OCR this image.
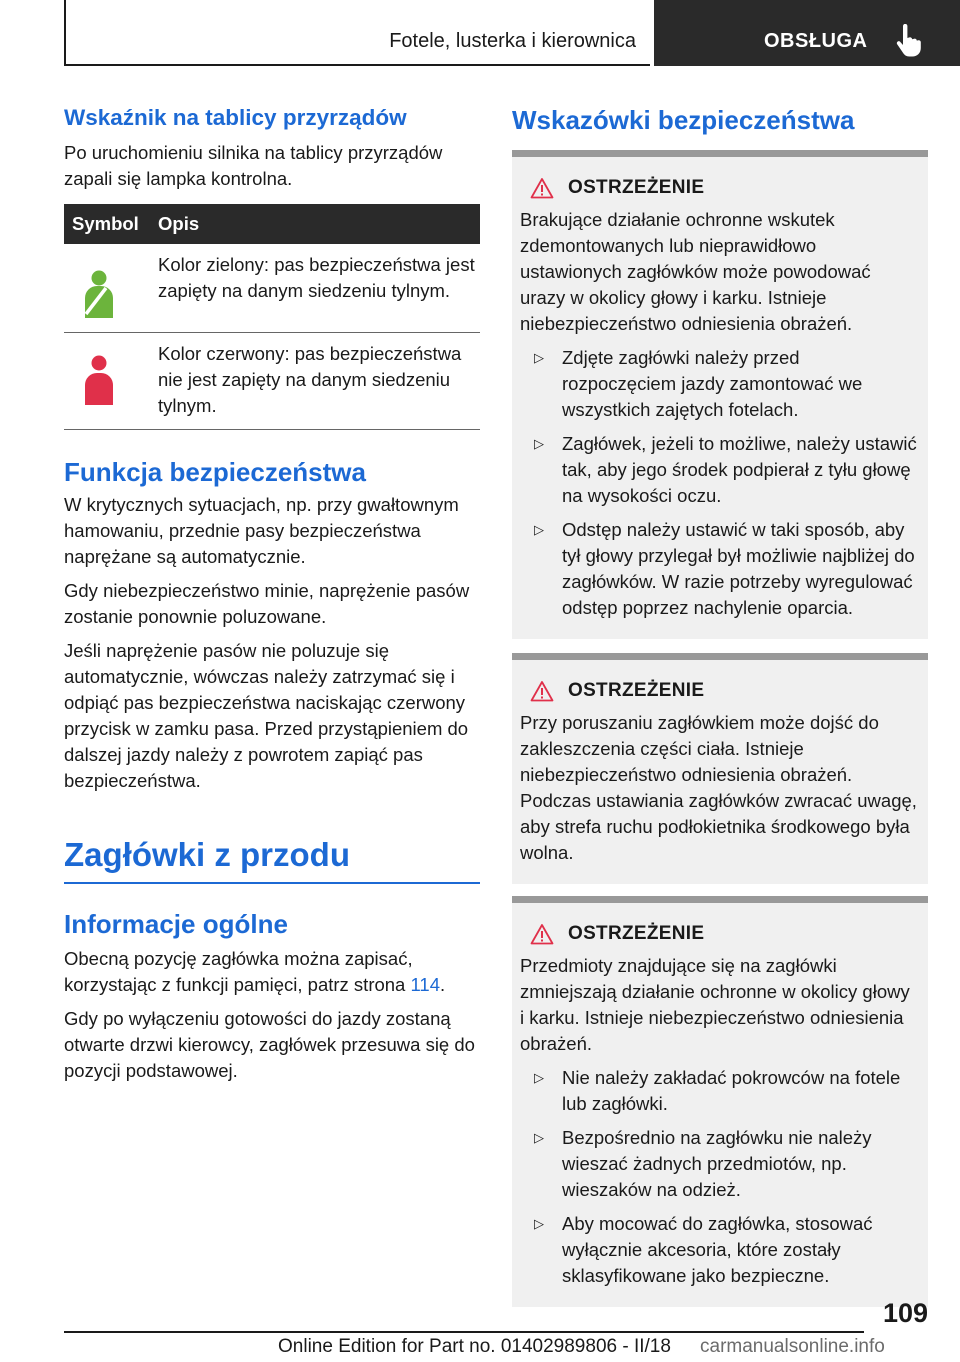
Fotele, lusterka i kierownica	OBSŁUGA
Wskaźnik na tablicy przyrządów
Po uruchomieniu silnika na tablicy przyrządów zapali się lampka kontrolna.
Symbol	Opis
	Kolor zielony: pas bezpieczeństwa jest zapięty na danym siedzeniu tylnym.
	Kolor czerwony: pas bezpieczeństwa nie jest zapięty na danym siedzeniu tylnym.
Funkcja bezpieczeństwa
W krytycznych sytuacjach, np. przy gwałtownym hamowaniu, przednie pasy bezpieczeństwa naprężane są automatycznie.
Gdy niebezpieczeństwo minie, naprężenie pasów zostanie ponownie poluzowane.
Jeśli naprężenie pasów nie poluzuje się automatycznie, wówczas należy zatrzymać się i odpiąć pas bezpieczeństwa naciskając czerwony przycisk w zamku pasa. Przed przystąpieniem do dalszej jazdy należy z powrotem zapiąć pas bezpieczeństwa.
Zagłówki z przodu
Informacje ogólne
Obecną pozycję zagłówka można zapisać, korzystając z funkcji pamięci, patrz strona 114.
Gdy po wyłączeniu gotowości do jazdy zostaną otwarte drzwi kierowcy, zagłówek przesuwa się do pozycji podstawowej.
Wskazówki bezpieczeństwa
OSTRZEŻENIE
Brakujące działanie ochronne wskutek zdemontowanych lub nieprawidłowo ustawionych zagłówków może powodować urazy w okolicy głowy i karku. Istnieje niebezpieczeństwo odniesienia obrażeń.
▷ Zdjęte zagłówki należy przed rozpoczęciem jazdy zamontować we wszystkich zajętych fotelach.
▷ Zagłówek, jeżeli to możliwe, należy ustawić tak, aby jego środek podpierał z tyłu głowę na wysokości oczu.
▷ Odstęp należy ustawić w taki sposób, aby tył głowy przylegał był możliwie najbliżej do zagłówków. W razie potrzeby wyregulować odstęp poprzez nachylenie oparcia.
OSTRZEŻENIE
Przy poruszaniu zagłówkiem może dojść do zakleszczenia części ciała. Istnieje niebezpieczeństwo odniesienia obrażeń. Podczas ustawiania zagłówków zwracać uwagę, aby strefa ruchu podłokietnika środkowego była wolna.
OSTRZEŻENIE
Przedmioty znajdujące się na zagłówki zmniejszają działanie ochronne w okolicy głowy i karku. Istnieje niebezpieczeństwo odniesienia obrażeń.
▷ Nie należy zakładać pokrowców na fotele lub zagłówki.
▷ Bezpośrednio na zagłówku nie należy wieszać żadnych przedmiotów, np. wieszaków na odzież.
▷ Aby mocować do zagłówka, stosować wyłącznie akcesoria, które zostały sklasyfikowane jako bezpieczne.
109
Online Edition for Part no. 01402989806 - II/18 carmanualsonline.info
